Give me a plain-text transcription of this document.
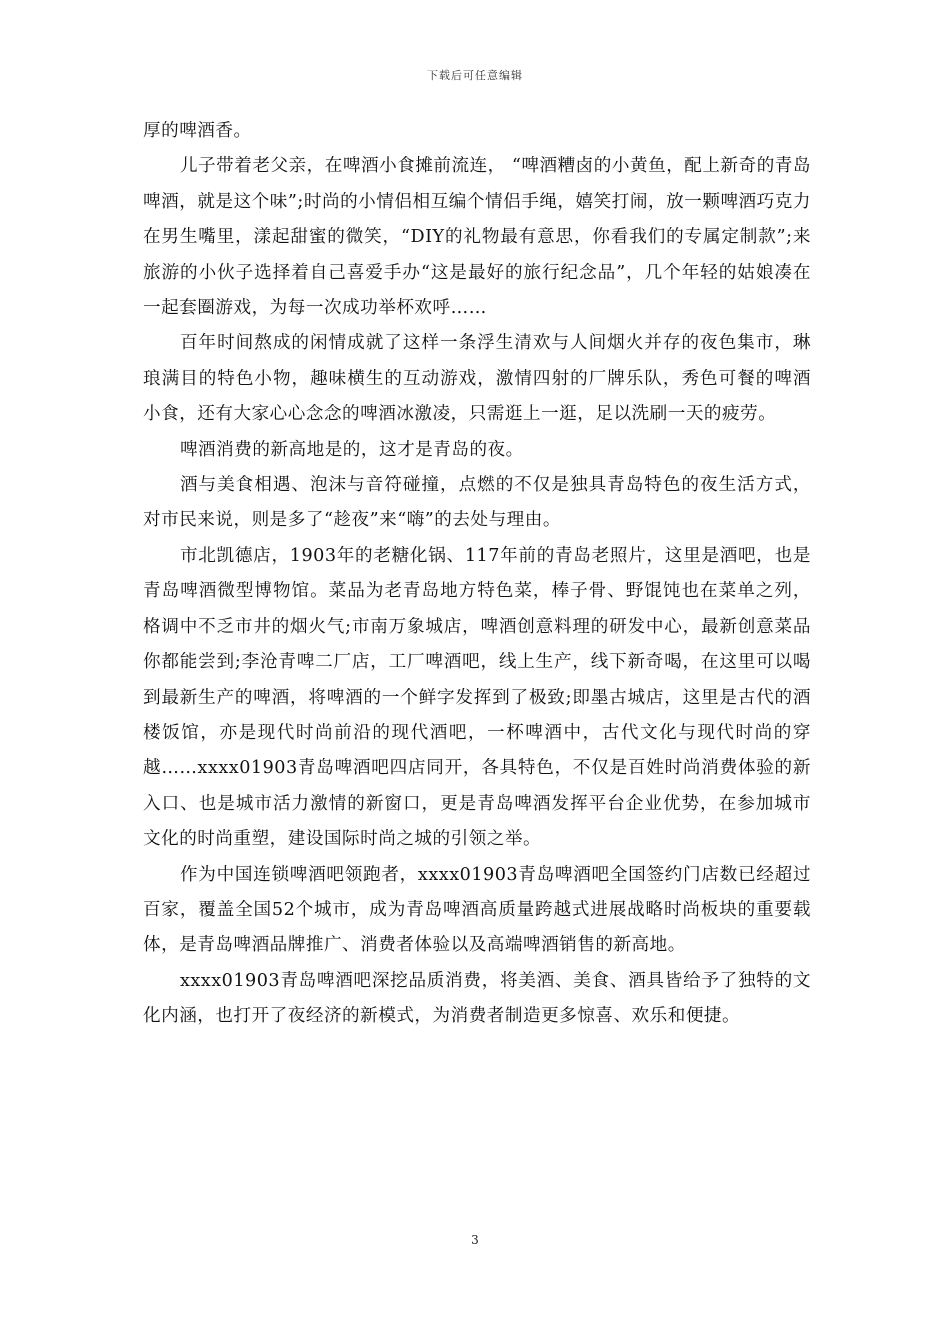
下载后可任意编辑

厚的啤酒香。

儿子带着老父亲，在啤酒小食摊前流连， “啤酒糟卤的小黄鱼，配上新奇的青岛啤酒，就是这个味”;时尚的小情侣相互编个情侣手绳，嬉笑打闹，放一颗啤酒巧克力在男生嘴里，漾起甜蜜的微笑，“DIY的礼物最有意思，你看我们的专属定制款”;来旅游的小伙子选择着自己喜爱手办“这是最好的旅行纪念品”，几个年轻的姑娘凑在一起套圈游戏，为每一次成功举杯欢呼……

百年时间熬成的闲情成就了这样一条浮生清欢与人间烟火并存的夜色集市，琳琅满目的特色小物，趣味横生的互动游戏，激情四射的厂牌乐队，秀色可餐的啤酒小食，还有大家心心念念的啤酒冰激凌，只需逛上一逛，足以洗刷一天的疲劳。

啤酒消费的新高地是的，这才是青岛的夜。

酒与美食相遇、泡沫与音符碰撞，点燃的不仅是独具青岛特色的夜生活方式，对市民来说，则是多了“趁夜”来“嗨”的去处与理由。

市北凯德店，1903年的老糖化锅、117年前的青岛老照片，这里是酒吧，也是青岛啤酒微型博物馆。菜品为老青岛地方特色菜，棒子骨、野馄饨也在菜单之列，格调中不乏市井的烟火气;市南万象城店，啤酒创意料理的研发中心，最新创意菜品你都能尝到;李沧青啤二厂店，工厂啤酒吧，线上生产，线下新奇喝，在这里可以喝到最新生产的啤酒，将啤酒的一个鲜字发挥到了极致;即墨古城店，这里是古代的酒楼饭馆，亦是现代时尚前沿的现代酒吧，一杯啤酒中，古代文化与现代时尚的穿越……xxxx01903青岛啤酒吧四店同开，各具特色，不仅是百姓时尚消费体验的新入口、也是城市活力激情的新窗口，更是青岛啤酒发挥平台企业优势，在参加城市文化的时尚重塑，建设国际时尚之城的引领之举。

作为中国连锁啤酒吧领跑者，xxxx01903青岛啤酒吧全国签约门店数已经超过百家，覆盖全国52个城市，成为青岛啤酒高质量跨越式进展战略时尚板块的重要载体，是青岛啤酒品牌推广、消费者体验以及高端啤酒销售的新高地。

xxxx01903青岛啤酒吧深挖品质消费，将美酒、美食、酒具皆给予了独特的文化内涵，也打开了夜经济的新模式，为消费者制造更多惊喜、欢乐和便捷。

3
